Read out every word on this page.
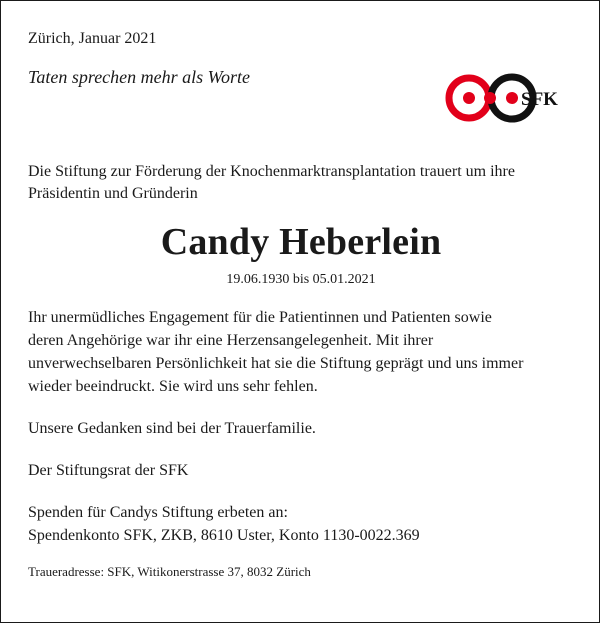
Zürich, Januar 2021
Taten sprechen mehr als Worte
SFK
Die Stiftung zur Förderung der Knochenmarktransplantation trauert um ihre
Präsidentin und Gründerin
Candy Heberlein
19.06.1930 bis 05.01.2021
Ihr unermüdliches Engagement für die Patientinnen und Patienten sowie
deren Angehörige war ihr eine Herzensangelegenheit. Mit ihrer
unverwechselbaren Persönlichkeit hat sie die Stiftung geprägt und uns immer
wieder beeindruckt. Sie wird uns sehr fehlen.
Unsere Gedanken sind bei der Trauerfamilie.
Der Stiftungsrat der SFK
Spenden für Candys Stiftung erbeten an:
Spendenkonto SFK, ZKB, 8610 Uster, Konto 1130-0022.369
Traueradresse: SFK, Witikonerstrasse 37, 8032 Zürich
